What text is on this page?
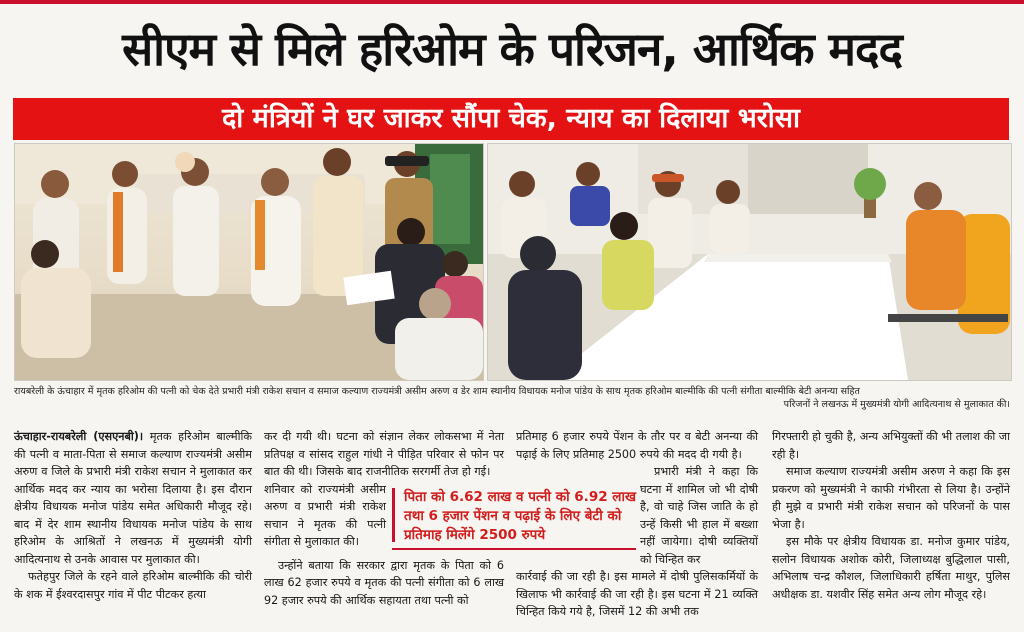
सीएम से मिले हरिओम के परिजन, आर्थिक मदद
दो मंत्रियों ने घर जाकर सौंपा चेक, न्याय का दिलाया भरोसा
रायबरेली के ऊंचाहार में मृतक हरिओम की पत्नी को चेक देते प्रभारी मंत्री राकेश सचान व समाज कल्याण राज्यमंत्री असीम अरुण व डेर शाम स्थानीय विधायक मनोज पांडेय के साथ मृतक हरिओम बाल्मीकि की पत्नी संगीता बाल्मीकि बेटी अनन्या सहित
परिजनों ने लखनऊ में मुख्यमंत्री योगी आदित्यनाथ से मुलाकात की।

ऊंचाहार-रायबरेली (एसएनबी)। मृतक हरिओम बाल्मीकि की पत्नी व माता-पिता से समाज कल्याण राज्यमंत्री असीम अरुण व जिले के प्रभारी मंत्री राकेश सचान ने मुलाकात कर आर्थिक मदद कर न्याय का भरोसा दिलाया है। इस दौरान क्षेत्रीय विधायक मनोज पांडेय समेत अधिकारी मौजूद रहे। बाद में देर शाम स्थानीय विधायक मनोज पांडेय के साथ हरिओम के आश्रितों ने लखनऊ में मुख्यमंत्री योगी आदित्यनाथ से उनके आवास पर मुलाकात की।

फतेहपुर जिले के रहने वाले हरिओम बाल्मीकि की चोरी के शक में ईश्वरदासपुर गांव में पीट पीटकर हत्या

कर दी गयी थी। घटना को संज्ञान लेकर लोकसभा में नेता प्रतिपक्ष व सांसद राहुल गांधी ने पीड़ित परिवार से फोन पर बात की थी। जिसके बाद राजनीतिक सरगर्मी तेज हो गई।

शनिवार को राज्यमंत्री असीम अरुण व प्रभारी मंत्री राकेश सचान ने मृतक की पत्नी संगीता से मुलाकात की।

उन्होंने बताया कि सरकार द्वारा मृतक के पिता को 6 लाख 62 हजार रुपये व मृतक की पत्नी संगीता को 6 लाख 92 हजार रुपये की आर्थिक सहायता तथा पत्नी को

प्रतिमाह 6 हजार रुपये पेंशन के तौर पर व बेटी अनन्या की पढ़ाई के लिए प्रतिमाह 2500 रुपये की मदद दी गयी है।

प्रभारी मंत्री ने कहा कि घटना में शामिल जो भी दोषी है, वो चाहे जिस जाति के हो उन्हें किसी भी हाल में बख्शा नहीं जायेगा। दोषी व्यक्तियों को चिन्हित कर

कार्रवाई की जा रही है। इस मामले में दोषी पुलिसकर्मियों के खिलाफ भी कार्रवाई की जा रही है। इस घटना में 21 व्यक्ति चिन्हित किये गये है, जिसमें 12 की अभी तक

गिरफ्तारी हो चुकी है, अन्य अभियुक्तों की भी तलाश की जा रही है।

समाज कल्याण राज्यमंत्री असीम अरुण ने कहा कि इस प्रकरण को मुख्यमंत्री ने काफी गंभीरता से लिया है। उन्होंने ही मुझे व प्रभारी मंत्री राकेश सचान को परिजनों के पास भेजा है।

इस मौके पर क्षेत्रीय विधायक डा. मनोज कुमार पांडेय, सलोन विधायक अशोक कोरी, जिलाध्यक्ष बुद्धिलाल पासी, अभिलाष चन्द्र कौशल, जिलाधिकारी हर्षिता माथुर, पुलिस अधीक्षक डा. यशवीर सिंह समेत अन्य लोग मौजूद रहे।

पिता को 6.62 लाख व पत्नी को 6.92 लाख तथा 6 हजार पेंशन व पढ़ाई के लिए बेटी को प्रतिमाह मिलेंगे 2500 रुपये
